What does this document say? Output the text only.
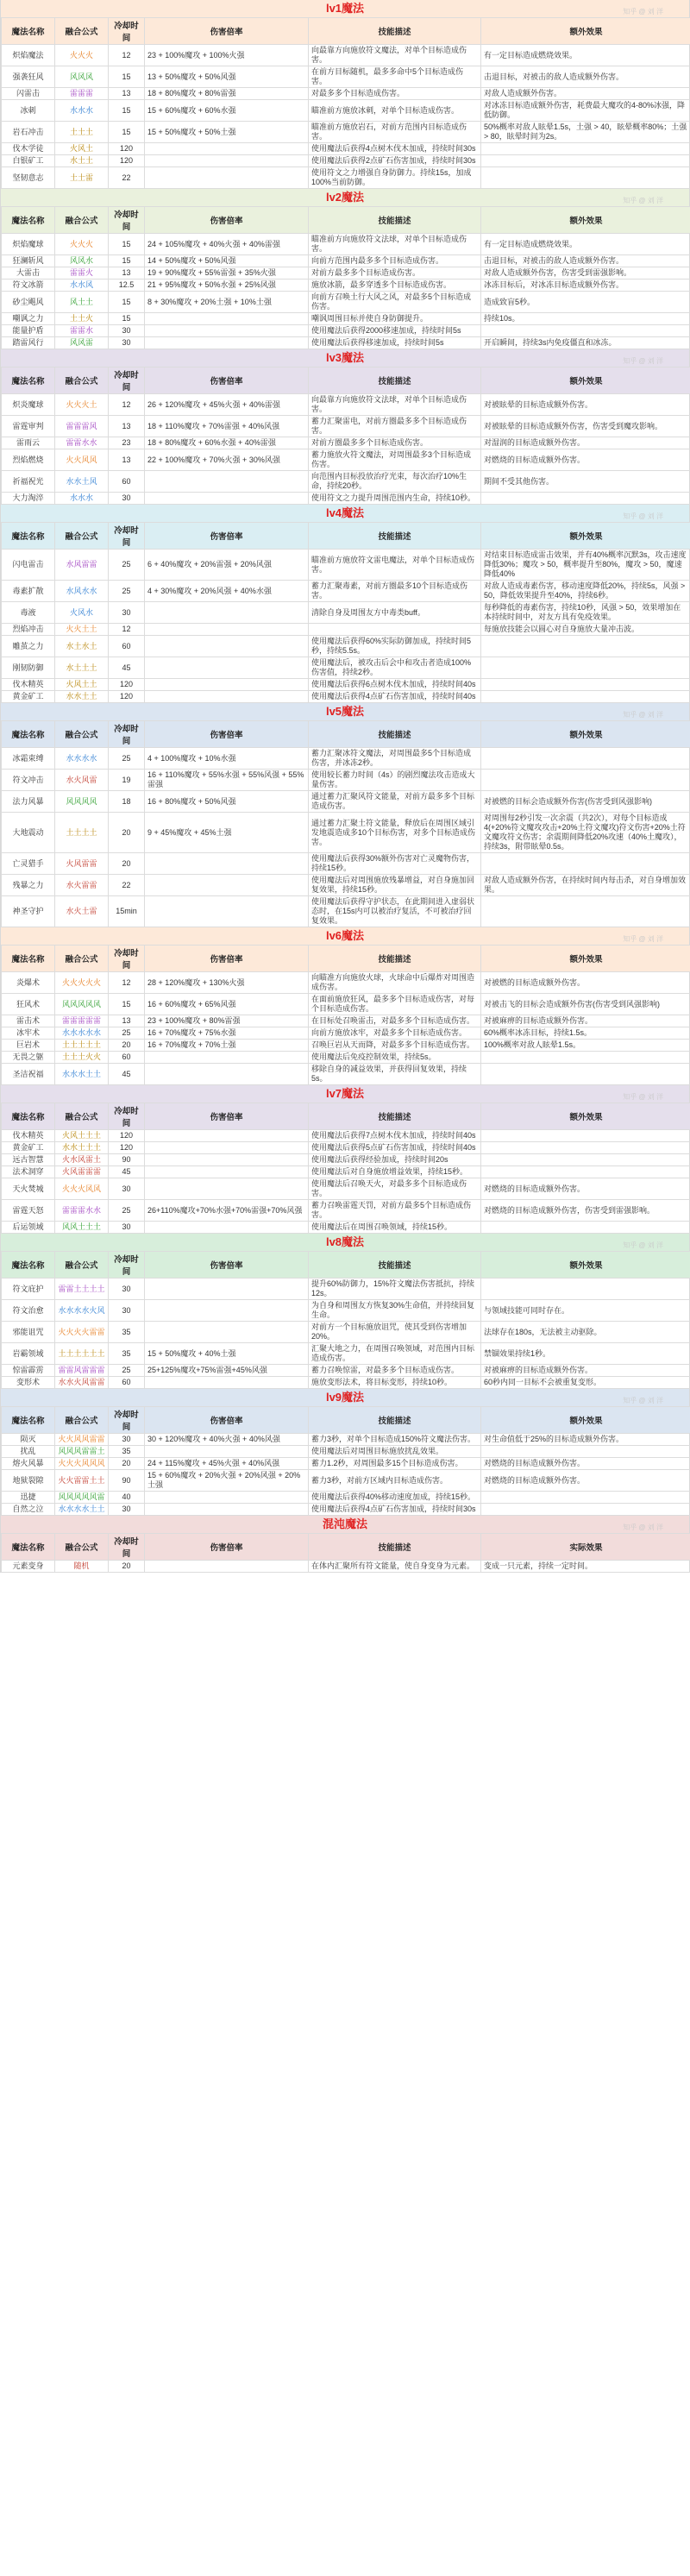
lv1魔法	知乎 @ 刘 洋
魔法名称	融合公式	冷却时间	伤害倍率	技能描述	额外效果
炽焰魔法	火火火	12	23 + 100%魔攻 + 100%火强	向最靠方向施放符文魔法，对单个目标造成伤害。	有一定目标造成燃烧效果。
强袭狂风	风风风	15	13 + 50%魔攻 + 50%风强	在前方目标随机，最多多命中5个目标造成伤害。	击退目标，对被击的敌人造成额外伤害。
闪雷击	雷雷雷	13	18 + 80%魔攻 + 80%雷强	对最多多个目标造成伤害。	对敌人造成额外伤害。
冰刺	水水水	15	15 + 60%魔攻 + 60%水强	瞄准前方施放冰刺，对单个目标造成伤害。	对冰冻目标造成额外伤害，耗费最大魔攻的4-80%冰强，降低防御。
岩石冲击	土土土	15	15 + 50%魔攻 + 50%土强	瞄准前方施放岩石，对前方范围内目标造成伤害。	50%概率对敌人眩晕1.5s，土强 > 40，眩晕概率80%；土强 > 80，眩晕时间为2s。
伐木学徒	火风土	120		使用魔法后获得4点树木伐木加成，持续时间30s	
白银矿工	水土土	120		使用魔法后获得2点矿石伤害加成，持续时间30s	
坚韧意志	土土雷	22		使用符文之力增强自身防御力。持续15s，加成100%当前防御。	
lv2魔法	知乎 @ 刘 洋
魔法名称	融合公式	冷却时间	伤害倍率	技能描述	额外效果
炽焰魔球	火火火	15	24 + 105%魔攻 + 40%火强 + 40%雷强	瞄准前方向施放符文法球，对单个目标造成伤害。	有一定目标造成燃烧效果。
狂澜斩风	风风水	15	14 + 50%魔攻 + 50%风强	向前方范围内最多多个目标造成伤害。	击退目标，对被击的敌人造成额外伤害。
大雷击	雷雷火	13	19 + 90%魔攻 + 55%雷强 + 35%火强	对前方最多多个目标造成伤害。	对敌人造成额外伤害，伤害受到雷强影响。
符文冰箭	水水风	12.5	21 + 95%魔攻 + 50%水强 + 25%风强	施放冰箭，最多穿透多个目标造成伤害。	冰冻目标后，对冰冻目标造成额外伤害。
砂尘飓风	风土土	15	8 + 30%魔攻 + 20%土强 + 10%土强	向前方召唤土行大风之风，对最多5个目标造成伤害。	造成致盲5秒。
嘲讽之力	土土火	15		嘲讽周围目标并使自身防御提升。	持续10s。
能量护盾	雷雷水	30		使用魔法后获得2000移速加成，持续时间5s	
踏雷风行	风风雷	30		使用魔法后获得移速加成，持续时间5s	开启瞬间，持续3s内免疫僵直和冰冻。
lv3魔法	知乎 @ 刘 洋
魔法名称	融合公式	冷却时间	伤害倍率	技能描述	额外效果
炽炎魔球	火火火土	12	26 + 120%魔攻 + 45%火强 + 40%雷强	向最靠方向施放符文法球，对单个目标造成伤害。	对被眩晕的目标造成额外伤害。
雷霆审判	雷雷雷风	13	18 + 110%魔攻 + 70%雷强 + 40%风强	蓄力汇聚雷电，对前方圈最多多个目标造成伤害。	对被眩晕的目标造成额外伤害，伤害受到魔攻影响。
雷雨云	雷雷水水	23	18 + 80%魔攻 + 60%水强 + 40%雷强	对前方圈最多多个目标造成伤害。	对湿润的目标造成额外伤害。
烈焰燃烧	火火风风	13	22 + 100%魔攻 + 70%火强 + 30%风强	蓄力施放火符文魔法，对周围最多3个目标造成伤害。	对燃烧的目标造成额外伤害。
祈福祝光	水水土风	60		向范围内目标投放治疗光束，每次治疗10%生命，持续20秒。	期间不受其他伤害。
大力淘淬	水水水	30		使用符文之力提升周围范围内生命，持续10秒。	
lv4魔法	知乎 @ 刘 洋
魔法名称	融合公式	冷却时间	伤害倍率	技能描述	额外效果
闪电雷击	水风雷雷	25	6 + 40%魔攻 + 20%雷强 + 20%风强	瞄准前方施放符文雷电魔法，对单个目标造成伤害。	对结束目标造成雷击效果，并有40%概率沉默3s，攻击速度降低30%；魔攻 > 50，概率提升至80%，魔攻 > 50，魔速降低40%
毒素扩散	水风水水	25	4 + 30%魔攻 + 20%风强 + 40%水强	蓄力汇聚毒素，对前方圈最多10个目标造成伤害。	对敌人造成毒素伤害，移动速度降低20%，持续5s，风强 > 50，降低效果提升至40%，持续6秒。
毒液	火风水	30		清除自身及周围友方中毒类buff。	每秒降低的毒素伤害，持续10秒，风强 > 50，效果增加在本持续时间中，对友方具有免疫效果。
烈焰冲击	火火土土	12			每施放技能会以圆心对自身施放大量冲击波。
雕茧之力	水土水土	60		使用魔法后获得60%实际防御加成，持续时间5秒，持续5.5s。	
刚韧防御	水土土土	45		使用魔法后，被攻击后会中和攻击者造成100%伤害值，持续2秒。	
伐木精英	火风土土	120		使用魔法后获得6点树木伐木加成，持续时间40s	
黄金矿工	水水土土	120		使用魔法后获得4点矿石伤害加成，持续时间40s	
lv5魔法	知乎 @ 刘 洋
魔法名称	融合公式	冷却时间	伤害倍率	技能描述	额外效果
冰霜束缚	水水水水	25	4 + 100%魔攻 + 10%水强	蓄力汇聚冰符文魔法，对周围最多5个目标造成伤害，并冰冻2秒。	
符文冲击	水火风雷	19	16 + 110%魔攻 + 55%水强 + 55%风强 + 55%雷强	使用较长蓄力时间（4s）的剧烈魔法攻击造成大量伤害。	
法力风暴	风风风风	18	16 + 80%魔攻 + 50%风强	通过蓄力汇聚风符文能量，对前方最多多个目标造成伤害。	对被燃的目标会造成额外伤害(伤害受到风强影响)
大地震动	土土土土	20	9 + 45%魔攻 + 45%土强	通过蓄力汇聚土符文能量，释放后在周围区域引发地震造成多10个目标伤害，对多个目标造成伤害。	对周围每2秒引发一次余震（共2次），对每个目标造成4(+20%符文魔攻攻击+20%土符文魔攻)符文伤害+20%土符文魔攻符文伤害；余震期间降低20%攻速（40%土魔攻），持续3s，附带眩晕0.5s。
亡灵猎手	火风雷雷	20		使用魔法后获得30%额外伤害对亡灵魔物伤害，持续15秒。	
残暴之力	水火雷雷	22		使用魔法后对周围施放残暴增益，对自身施加回复效果，持续15秒。	对敌人造成额外伤害，在持续时间内每击杀，对自身增加效果。
神圣守护	水火土雷	15min		使用魔法后获得守护状态，在此期间进入虚弱状态时，在15s内可以被治疗复活，不可被治疗回复效果。	
lv6魔法	知乎 @ 刘 洋
魔法名称	融合公式	冷却时间	伤害倍率	技能描述	额外效果
炎爆术	火火火火火	12	28 + 120%魔攻 + 130%火强	向瞄准方向施放火球，火球命中后爆炸对周围造成伤害。	对被燃的目标造成额外伤害。
狂风术	风风风风风	15	16 + 60%魔攻 + 65%风强	在面前施放狂风，最多多个目标造成伤害，对每个目标造成伤害。	对被击飞的目标会造成额外伤害(伤害受到风强影响)
雷击术	雷雷雷雷雷	13	23 + 100%魔攻 + 80%雷强	在目标处召唤雷击，对最多多个目标造成伤害。	对被麻痹的目标造成额外伤害。
冰牢术	水水水水水	25	16 + 70%魔攻 + 75%水强	向前方施放冰牢，对最多多个目标造成伤害。	60%概率冰冻目标，持续1.5s。
巨岩术	土土土土土	20	16 + 70%魔攻 + 70%土强	召唤巨岩从天而降，对最多多个目标造成伤害。	100%概率对敌人眩晕1.5s。
无畏之躯	土土土火火	60		使用魔法后免疫控制效果，持续5s。	
圣洁祝福	水水水土土	45		移除自身的减益效果，并获得回复效果，持续5s。	
lv7魔法	知乎 @ 刘 洋
魔法名称	融合公式	冷却时间	伤害倍率	技能描述	额外效果
伐木精英	火风土土土	120		使用魔法后获得7点树木伐木加成，持续时间40s	
黄金矿工	水水土土土	120		使用魔法后获得5点矿石伤害加成，持续时间40s	
远古智慧	火水风雷土	90		使用魔法后获得经验加成，持续时间20s	
法术洞穿	火风雷雷雷	45		使用魔法后对自身施放增益效果，持续15秒。	
天火焚城	火火火风风	30		使用魔法后召唤天火，对最多多个目标造成伤害。	对燃烧的目标造成额外伤害。
雷霆天怒	雷雷雷水水	25	26+110%魔攻+70%水强+70%雷强+70%风强	蓄力召唤雷霆天罚，对前方最多5个目标造成伤害。	对燃烧的目标造成额外伤害，伤害受到雷强影响。
后运领域	风风土土土	30		使用魔法后在周围召唤领域，持续15秒。	
lv8魔法	知乎 @ 刘 洋
魔法名称	融合公式	冷却时间	伤害倍率	技能描述	额外效果
符文庇护	雷雷土土土土	30		提升60%防御力，15%符文魔法伤害抵抗，持续12s。	
符文治愈	水水水水火风	30		为自身和周围友方恢复30%生命值，并持续回复生命。	与领域技能可同时存在。
邪能诅咒	火火火火雷雷	35		对前方一个目标施放诅咒，使其受到伤害增加20%。	法球存在180s，无法被主动驱除。
岩霸领域	土土土土土土	35	15 + 50%魔攻 + 40%土强	汇聚大地之力，在周围召唤领域，对范围内目标造成伤害。	禁锢效果持续1秒。
惊雷霹雳	雷雷风雷雷雷	25	25+125%魔攻+75%雷强+45%风强	蓄力召唤惊雷，对最多多个目标造成伤害。	对被麻痹的目标造成额外伤害。
变形术	水水火风雷雷	60		施放变形法术，将目标变形，持续10秒。	60秒内同一目标不会被重复变形。
lv9魔法	知乎 @ 刘 洋
魔法名称	融合公式	冷却时间	伤害倍率	技能描述	额外效果
陨灭	火火风风雷雷	30	30 + 120%魔攻 + 40%火强 + 40%风强	蓄力3秒，对单个目标造成150%符文魔法伤害。	对生命值低于25%的目标造成额外伤害。
扰乱	风风风雷雷土	35		使用魔法后对周围目标施放扰乱效果。	
熔火风暴	火火火风风风	20	24 + 115%魔攻 + 45%火强 + 40%风强	蓄力1.2秒，对周围最多15个目标造成伤害。	对燃烧的目标造成额外伤害。
地狱裂隙	火火雷雷土土	90	15 + 60%魔攻 + 20%火强 + 20%风强 + 20%土强	蓄力3秒，对前方区域内目标造成伤害。	对燃烧的目标造成额外伤害。
迅捷	风风风风风雷	40		使用魔法后获得40%移动速度加成，持续15秒。	
自然之泣	水水水水土土	30		使用魔法后获得4点矿石伤害加成，持续时间30s	
混沌魔法	知乎 @ 刘 洋
魔法名称	融合公式	冷却时间	伤害倍率	技能描述	实际效果
元素变身	随机	20		在体内汇聚所有符文能量，使自身变身为元素。	变成一只元素，持续一定时间。
